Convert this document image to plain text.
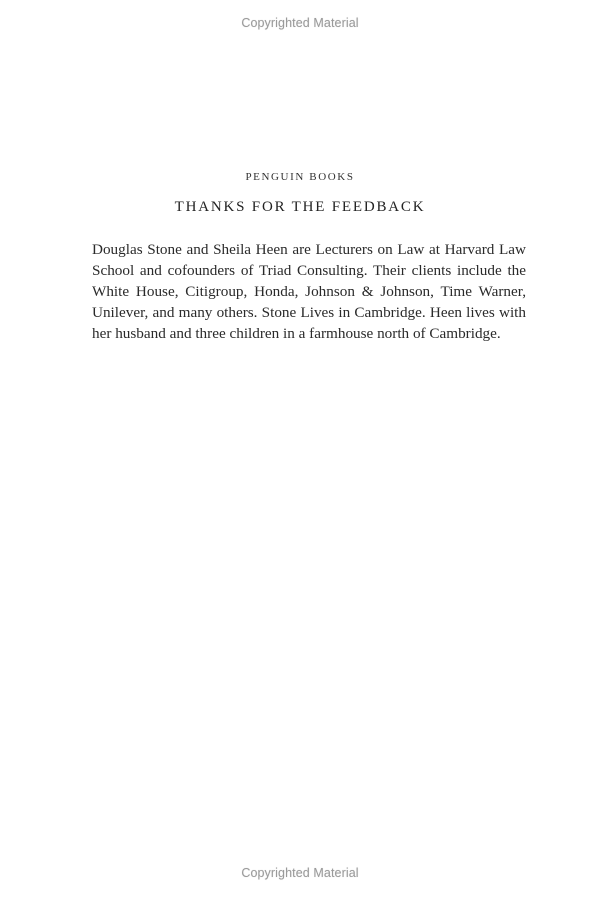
Copyrighted Material
PENGUIN BOOKS
THANKS FOR THE FEEDBACK

Douglas Stone and Sheila Heen are Lecturers on Law at Harvard Law School and cofounders of Triad Consulting. Their clients include the White House, Citigroup, Honda, Johnson & Johnson, Time Warner, Unilever, and many others. Stone Lives in Cambridge. Heen lives with her husband and three children in a farmhouse north of Cambridge.

Copyrighted Material
